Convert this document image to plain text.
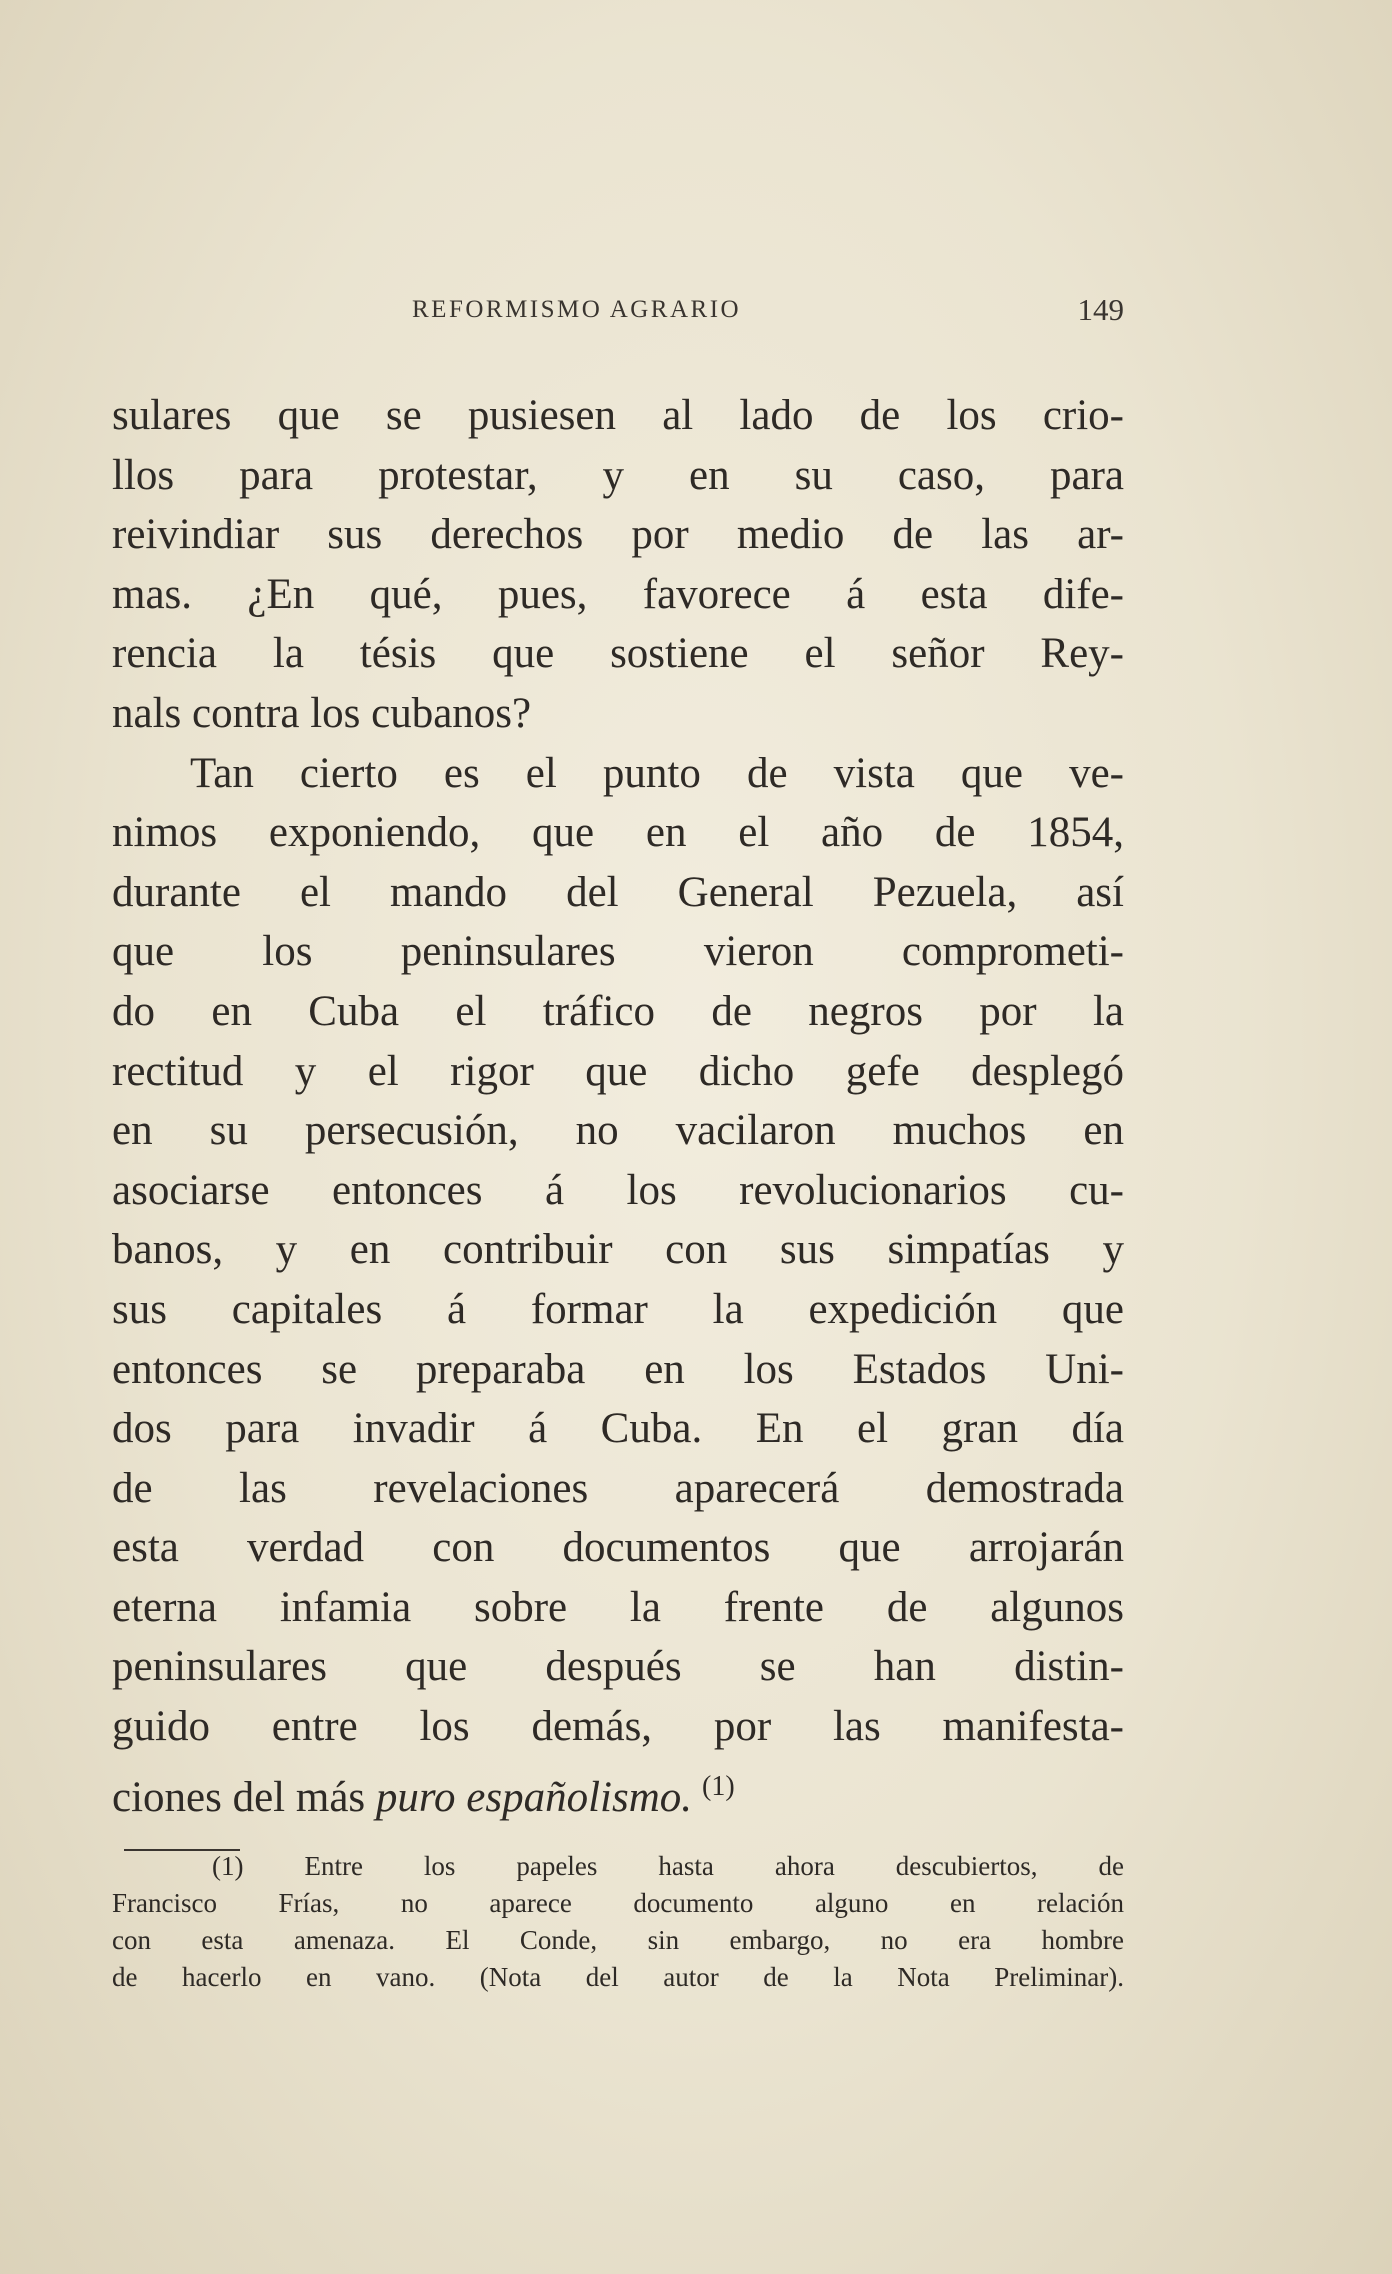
REFORMISMO AGRARIO	149
sulares que se pusiesen al lado de los crio-
llos para protestar, y en su caso, para
reivindiar sus derechos por medio de las ar-
mas. ¿En qué, pues, favorece á esta dife-
rencia la tésis que sostiene el señor Rey-
nals contra los cubanos?
Tan cierto es el punto de vista que ve-
nimos exponiendo, que en el año de 1854,
durante el mando del General Pezuela, así
que los peninsulares vieron comprometi-
do en Cuba el tráfico de negros por la
rectitud y el rigor que dicho gefe desplegó
en su persecusión, no vacilaron muchos en
asociarse entonces á los revolucionarios cu-
banos, y en contribuir con sus simpatías y
sus capitales á formar la expedición que
entonces se preparaba en los Estados Uni-
dos para invadir á Cuba. En el gran día
de las revelaciones aparecerá demostrada
esta verdad con documentos que arrojarán
eterna infamia sobre la frente de algunos
peninsulares que después se han distin-
guido entre los demás, por las manifesta-
ciones del más puro españolismo. $^{(1)}$
(1) Entre los papeles hasta ahora descubiertos, de
Francisco Frías, no aparece documento alguno en relación
con esta amenaza. El Conde, sin embargo, no era hombre
de hacerlo en vano. (Nota del autor de la Nota Preliminar).
